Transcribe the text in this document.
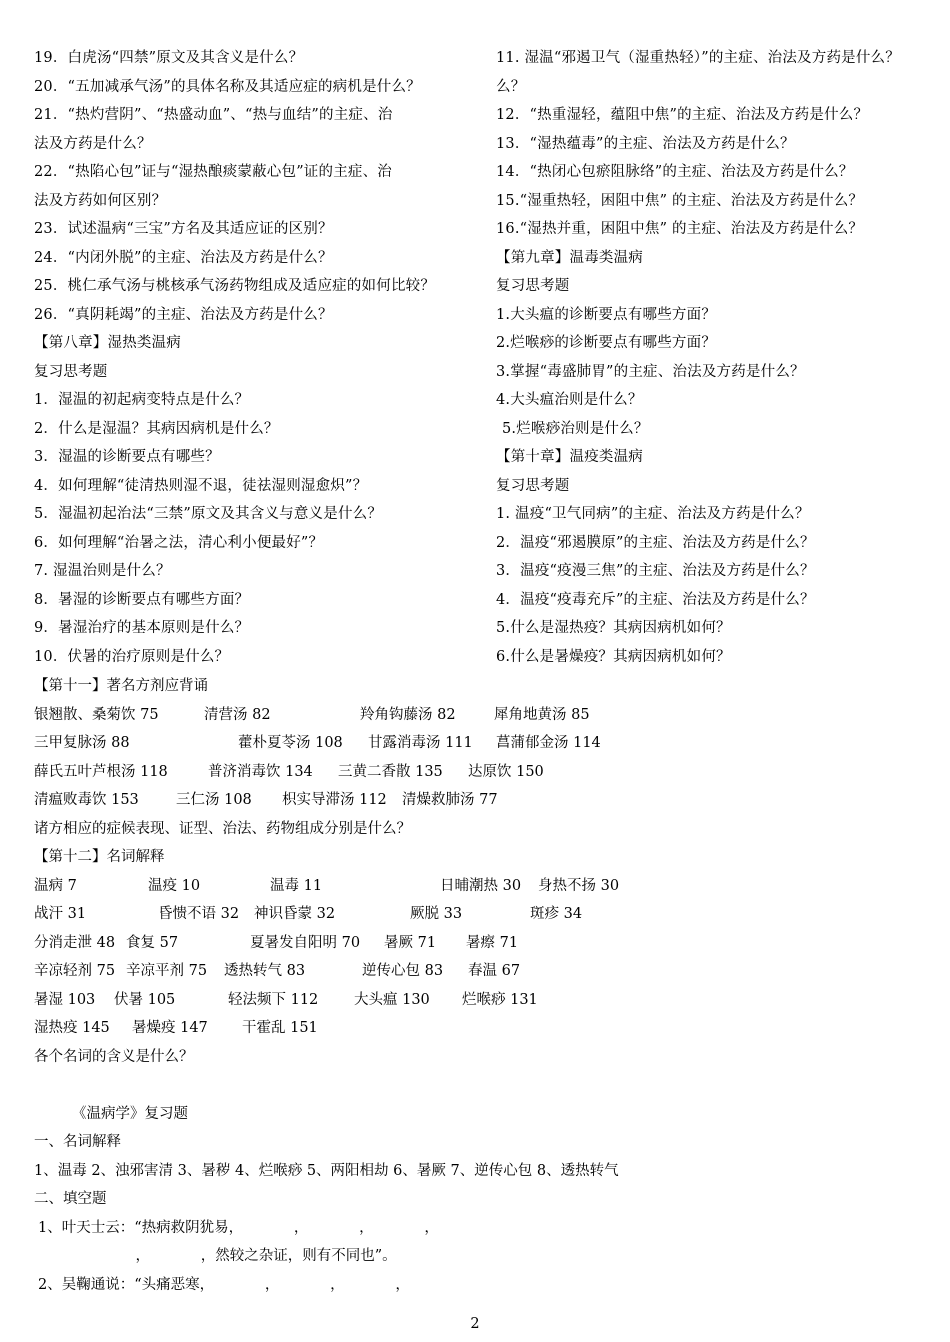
19．白虎汤“四禁”原文及其含义是什么？
20．“五加减承气汤”的具体名称及其适应症的病机是什么？
21．“热灼营阴”、“热盛动血”、“热与血结”的主症、治
法及方药是什么？
22．“热陷心包”证与“湿热酿痰蒙蔽心包”证的主症、治
法及方药如何区别？
23．试述温病“三宝”方名及其适应证的区别？
24．“内闭外脱”的主症、治法及方药是什么？
25．桃仁承气汤与桃核承气汤药物组成及适应症的如何比较？
26．“真阴耗竭”的主症、治法及方药是什么？
【第八章】湿热类温病
复习思考题
1．湿温的初起病变特点是什么？
2．什么是湿温？其病因病机是什么？
3．湿温的诊断要点有哪些？
4．如何理解“徒清热则湿不退，徒祛湿则湿愈炽”？
5．湿温初起治法“三禁”原文及其含义与意义是什么？
6．如何理解“治暑之法，清心利小便最好”？
7. 湿温治则是什么？
8．暑湿的诊断要点有哪些方面？
9．暑湿治疗的基本原则是什么？
10．伏暑的治疗原则是什么？
11. 湿温“邪遏卫气（湿重热轻）”的主症、治法及方药是什么？
么？
12．“热重湿轻，蕴阻中焦”的主症、治法及方药是什么？
13．“湿热蕴毒”的主症、治法及方药是什么？
14．“热闭心包瘀阻脉络”的主症、治法及方药是什么？
15.“湿重热轻，困阻中焦” 的主症、治法及方药是什么？
16.“湿热并重，困阻中焦” 的主症、治法及方药是什么？
【第九章】温毒类温病
复习思考题
1.大头瘟的诊断要点有哪些方面？
2.烂喉痧的诊断要点有哪些方面？
3.掌握“毒盛肺胃”的主症、治法及方药是什么？
4.大头瘟治则是什么？
5.烂喉痧治则是什么？
【第十章】温疫类温病
复习思考题
1. 温疫“卫气同病”的主症、治法及方药是什么？
2．温疫“邪遏膜原”的主症、治法及方药是什么？
3．温疫“疫漫三焦”的主症、治法及方药是什么？
4．温疫“疫毒充斥”的主症、治法及方药是什么？
5.什么是湿热疫？其病因病机如何？
6.什么是暑燥疫？其病因病机如何？
【第十一】著名方剂应背诵
银翘散、桑菊饮 75	清营汤 82	羚角钩藤汤 82	犀角地黄汤 85
三甲复脉汤 88	藿朴夏苓汤 108 甘露消毒汤 111 菖蒲郁金汤 114
薛氏五叶芦根汤 118	普济消毒饮 134 三黄二香散 135 达原饮 150
清瘟败毒饮 153	三仁汤 108 枳实导滞汤 112 清燥救肺汤 77
诸方相应的症候表现、证型、治法、药物组成分别是什么？
【第十二】名词解释
温病 7	温疫 10	温毒 11	日晡潮热 30 身热不扬 30
战汗 31	昏愦不语 32 神识昏蒙 32	厥脱 33	斑疹 34
分消走泄 48 食复 57	夏暑发自阳明 70 暑厥 71 暑瘵 71
辛凉轻剂 75 辛凉平剂 75 透热转气 83	逆传心包 83 春温 67
暑湿 103 伏暑 105	轻法频下 112 大头瘟 130 烂喉痧 131
湿热疫 145 暑燥疫 147 干霍乱 151
各个名词的含义是什么？
《温病学》复习题
一、名词解释
1、温毒 2、浊邪害清 3、暑秽 4、烂喉痧 5、两阳相劫 6、暑厥 7、逆传心包 8、透热转气
二、填空题
1、叶天士云：“热病救阴犹易，　　　　，　　　　，　　　　，
　　　，　　　　，然较之杂证，则有不同也”。
2、吴鞠通说：“头痛恶寒，　　　　，　　　　，　　　　，
2
